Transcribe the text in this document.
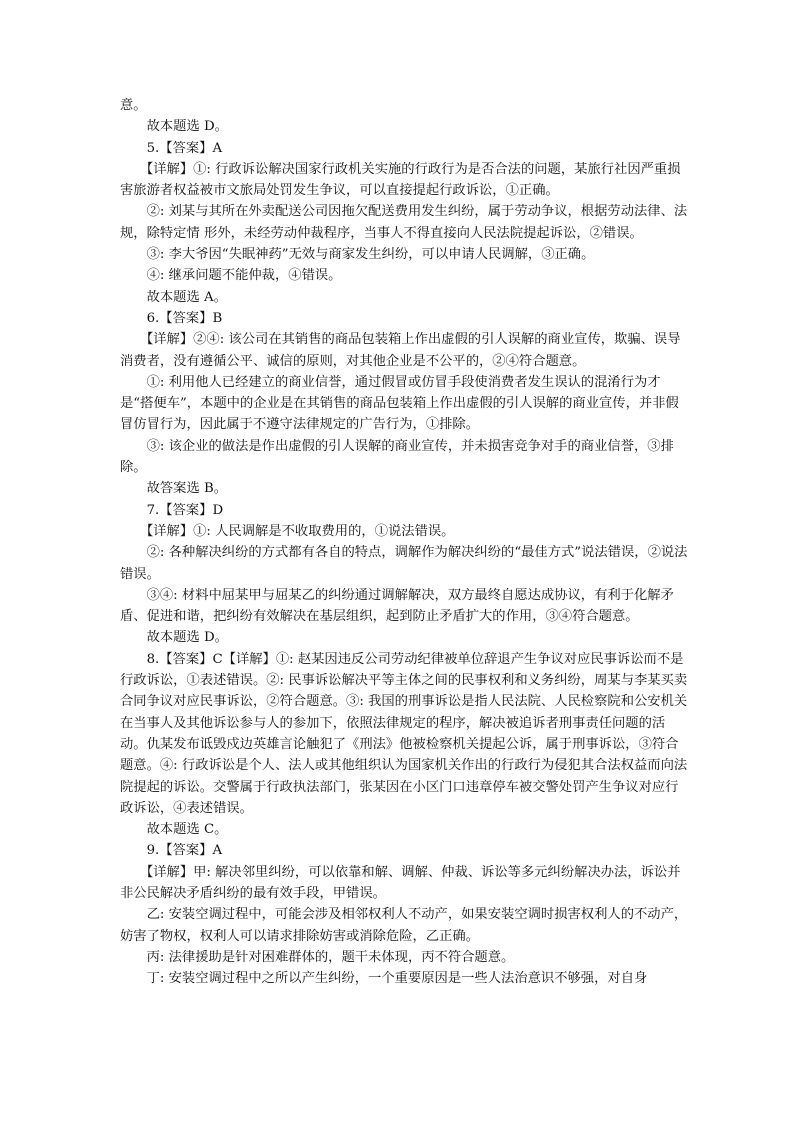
意。

故本题选 D。

5.【答案】A

【详解】①: 行政诉讼解决国家行政机关实施的行政行为是否合法的问题，某旅行社因严重损害旅游者权益被市文旅局处罚发生争议，可以直接提起行政诉讼，①正确。

②: 刘某与其所在外卖配送公司因拖欠配送费用发生纠纷，属于劳动争议，根据劳动法律、法规，除特定情 形外，未经劳动仲裁程序，当事人不得直接向人民法院提起诉讼，②错误。

③: 李大爷因“失眠神药”无效与商家发生纠纷，可以申请人民调解，③正确。

④: 继承问题不能仲裁，④错误。

故本题选 A。

6.【答案】B

【详解】②④: 该公司在其销售的商品包装箱上作出虚假的引人误解的商业宣传，欺骗、误导消费者，没有遵循公平、诚信的原则，对其他企业是不公平的，②④符合题意。

①: 利用他人已经建立的商业信誉，通过假冒或仿冒手段使消费者发生误认的混淆行为才是“搭便车”，本题中的企业是在其销售的商品包装箱上作出虚假的引人误解的商业宣传，并非假冒仿冒行为，因此属于不遵守法律规定的广告行为，①排除。

③: 该企业的做法是作出虚假的引人误解的商业宣传，并未损害竞争对手的商业信誉，③排除。

故答案选 B。

7.【答案】D

【详解】①: 人民调解是不收取费用的，①说法错误。

②: 各种解决纠纷的方式都有各自的特点，调解作为解决纠纷的“最佳方式”说法错误，②说法错误。

③④: 材料中屈某甲与屈某乙的纠纷通过调解解决，双方最终自愿达成协议，有利于化解矛盾、促进和谐，把纠纷有效解决在基层组织，起到防止矛盾扩大的作用，③④符合题意。

故本题选 D。

8.【答案】C【详解】①: 赵某因违反公司劳动纪律被单位辞退产生争议对应民事诉讼而不是行政诉讼，①表述错误。②: 民事诉讼解决平等主体之间的民事权利和义务纠纷，周某与李某买卖合同争议对应民事诉讼，②符合题意。③: 我国的刑事诉讼是指人民法院、人民检察院和公安机关在当事人及其他诉讼参与人的参加下，依照法律规定的程序，解决被追诉者刑事责任问题的活动。仇某发布诋毁戍边英雄言论触犯了《刑法》他被检察机关提起公诉，属于刑事诉讼，③符合题意。④: 行政诉讼是个人、法人或其他组织认为国家机关作出的行政行为侵犯其合法权益而向法院提起的诉讼。交警属于行政执法部门，张某因在小区门口违章停车被交警处罚产生争议对应行政诉讼，④表述错误。

故本题选 C。

9.【答案】A

【详解】甲: 解决邻里纠纷，可以依靠和解、调解、仲裁、诉讼等多元纠纷解决办法，诉讼并非公民解决矛盾纠纷的最有效手段，甲错误。

乙: 安装空调过程中，可能会涉及相邻权利人不动产，如果安装空调时损害权利人的不动产，妨害了物权，权利人可以请求排除妨害或消除危险，乙正确。

丙: 法律援助是针对困难群体的，题干未体现，丙不符合题意。

丁: 安装空调过程中之所以产生纠纷，一个重要原因是一些人法治意识不够强，对自身
